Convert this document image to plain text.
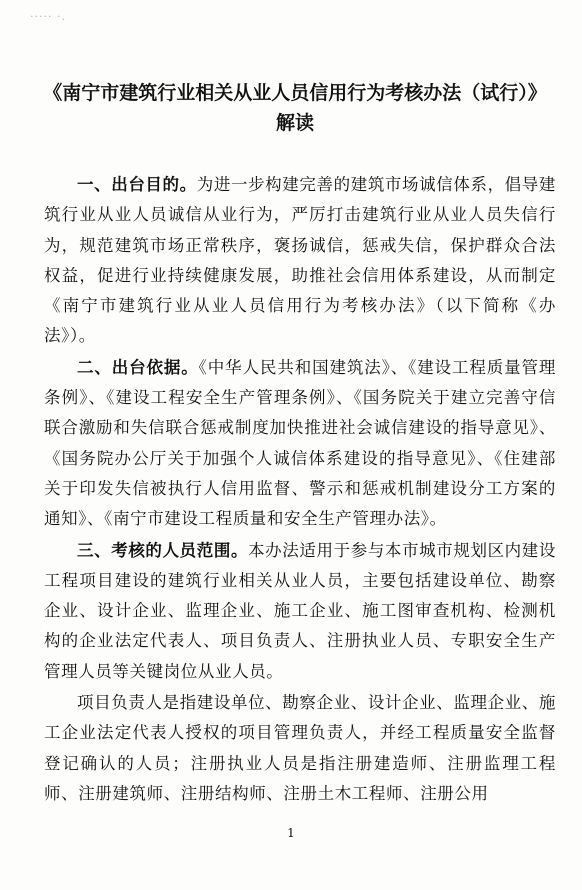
····· ·.
《南宁市建筑行业相关从业人员信用行为考核办法（试行）》
解读

一、出台目的。为进一步构建完善的建筑市场诚信体系，倡导建筑行业从业人员诚信从业行为，严厉打击建筑行业从业人员失信行为，规范建筑市场正常秩序，褒扬诚信，惩戒失信，保护群众合法权益，促进行业持续健康发展，助推社会信用体系建设，从而制定《南宁市建筑行业从业人员信用行为考核办法》（以下简称《办法》）。

二、出台依据。《中华人民共和国建筑法》、《建设工程质量管理条例》、《建设工程安全生产管理条例》、《国务院关于建立完善守信联合激励和失信联合惩戒制度加快推进社会诚信建设的指导意见》、《国务院办公厅关于加强个人诚信体系建设的指导意见》、《住建部关于印发失信被执行人信用监督、警示和惩戒机制建设分工方案的通知》、《南宁市建设工程质量和安全生产管理办法》。

三、考核的人员范围。本办法适用于参与本市城市规划区内建设工程项目建设的建筑行业相关从业人员，主要包括建设单位、勘察企业、设计企业、监理企业、施工企业、施工图审查机构、检测机构的企业法定代表人、项目负责人、注册执业人员、专职安全生产管理人员等关键岗位从业人员。

项目负责人是指建设单位、勘察企业、设计企业、监理企业、施工企业法定代表人授权的项目管理负责人，并经工程质量安全监督登记确认的人员；注册执业人员是指注册建造师、注册监理工程师、注册建筑师、注册结构师、注册土木工程师、注册公用

1
